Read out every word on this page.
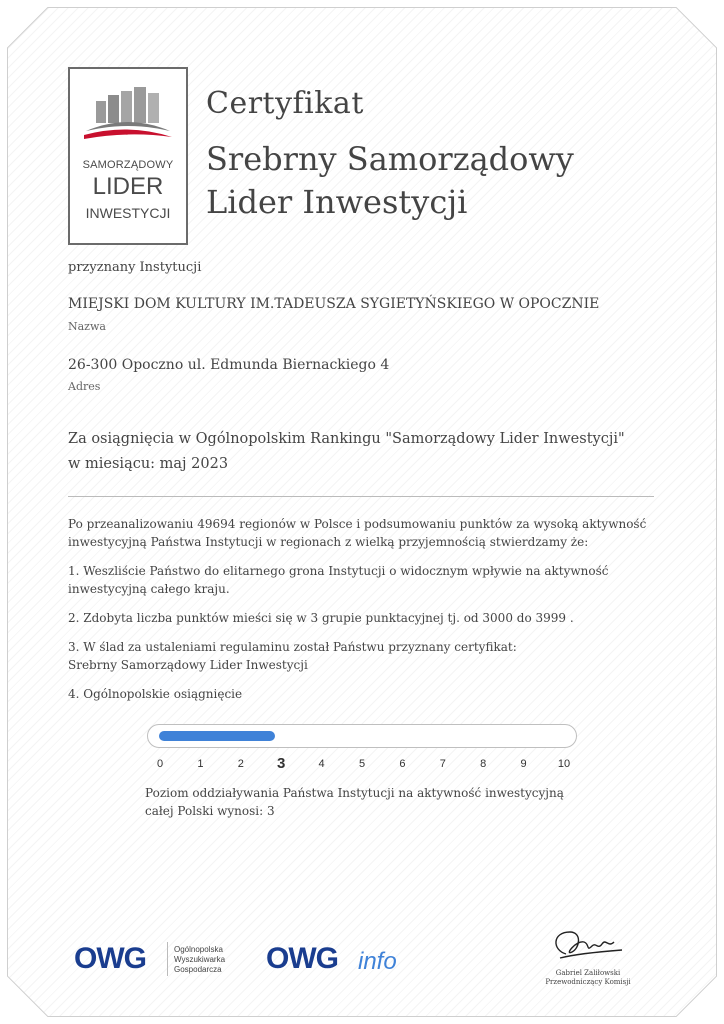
SAMORZĄDOWY
LIDER
INWESTYCJI
Certyfikat
Srebrny Samorządowy
Lider Inwestycji
przyznany Instytucji
MIEJSKI DOM KULTURY IM.TADEUSZA SYGIETYŃSKIEGO W OPOCZNIE
Nazwa
26-300 Opoczno ul. Edmunda Biernackiego 4
Adres
Za osiągnięcia w Ogólnopolskim Rankingu "Samorządowy Lider Inwestycji"
w miesiącu: maj 2023
Po przeanalizowaniu 49694 regionów w Polsce i podsumowaniu punktów za wysoką aktywność
inwestycyjną Państwa Instytucji w regionach z wielką przyjemnością stwierdzamy że:
1. Weszliście Państwo do elitarnego grona Instytucji o widocznym wpływie na aktywność
inwestycyjną całego kraju.
2. Zdobyta liczba punktów mieści się w 3 grupie punktacyjnej tj. od 3000 do 3999 .
3. W ślad za ustaleniami regulaminu został Państwu przyznany certyfikat:
Srebrny Samorządowy Lider Inwestycji
4. Ogólnopolskie osiągnięcie
0	1	2	3	4	5	6	7	8	9	10
Poziom oddziaływania Państwa Instytucji na aktywność inwestycyjną
całej Polski wynosi: 3
OWG	Ogólnopolska
Wyszukiwarka
Gospodarcza OWG info	Gabriel Zaliłowski
Przewodniczący Komisji
